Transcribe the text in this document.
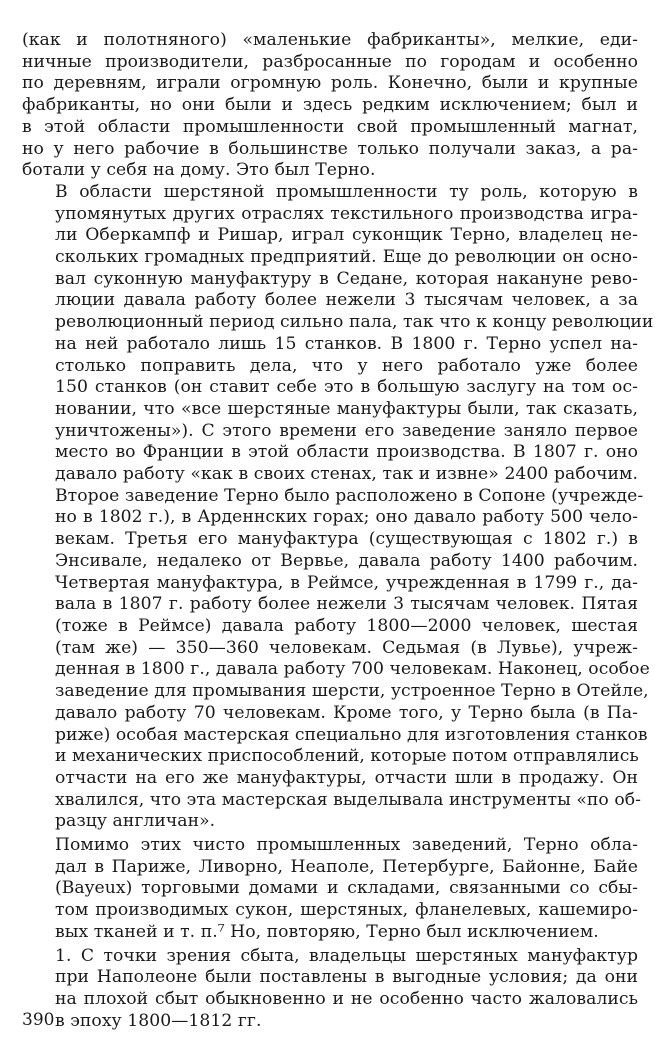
(как и полотняного) «маленькие фабриканты», мелкие, еди-
ничные производители, разбросанные по городам и особенно
по деревням, играли огромную роль. Конечно, были и крупные
фабриканты, но они были и здесь редким исключением; был и
в этой области промышленности свой промышленный магнат,
но у него рабочие в большинстве только получали заказ, а ра-
ботали у себя на дому. Это был Терно.
В области шерстяной промышленности ту роль, которую в
упомянутых других отраслях текстильного производства игра-
ли Оберкампф и Ришар, играл суконщик Терно, владелец не-
скольких громадных предприятий. Еще до революции он осно-
вал суконную мануфактуру в Седане, которая накануне рево-
люции давала работу более нежели 3 тысячам человек, а за
революционный период сильно пала, так что к концу революции
на ней работало лишь 15 станков. В 1800 г. Терно успел на-
столько поправить дела, что у него работало уже более
150 станков (он ставит себе это в большую заслугу на том ос-
новании, что «все шерстяные мануфактуры были, так сказать,
уничтожены»). С этого времени его заведение заняло первое
место во Франции в этой области производства. В 1807 г. оно
давало работу «как в своих стенах, так и извне» 2400 рабочим.
Второе заведение Терно было расположено в Сопоне (учрежде-
но в 1802 г.), в Арденнских горах; оно давало работу 500 чело-
векам. Третья его мануфактура (существующая с 1802 г.) в
Энсивале, недалеко от Вервье, давала работу 1400 рабочим.
Четвертая мануфактура, в Реймсе, учрежденная в 1799 г., да-
вала в 1807 г. работу более нежели 3 тысячам человек. Пятая
(тоже в Реймсе) давала работу 1800—2000 человек, шестая
(там же) — 350—360 человекам. Седьмая (в Лувье), учреж-
денная в 1800 г., давала работу 700 человекам. Наконец, особое
заведение для промывания шерсти, устроенное Терно в Отейле,
давало работу 70 человекам. Кроме того, у Терно была (в Па-
риже) особая мастерская специально для изготовления станков
и механических приспособлений, которые потом отправлялись
отчасти на его же мануфактуры, отчасти шли в продажу. Он
хвалился, что эта мастерская выделывала инструменты «по об-
разцу англичан».
Помимо этих чисто промышленных заведений, Терно обла-
дал в Париже, Ливорно, Неаполе, Петербурге, Байонне, Байе
(Bayeux) торговыми домами и складами, связанными со сбы-
том производимых сукон, шерстяных, фланелевых, кашемиро-
вых тканей и т. п.⁷ Но, повторяю, Терно был исключением.
1. С точки зрения сбыта, владельцы шерстяных мануфактур
при Наполеоне были поставлены в выгодные условия; да они
на плохой сбыт обыкновенно и не особенно часто жаловались
в эпоху 1800—1812 гг.
390
